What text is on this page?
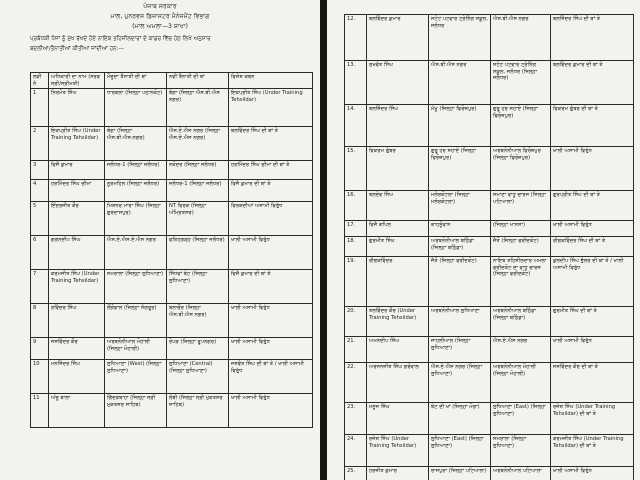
ਪੰਜਾਬ ਸਰਕਾਰ
ਮਾਲ, ਪੁਨਰਵਸ ਡਿਜਾਸਟਰ ਮੈਨੇਜਮੈਂਟ ਵਿਭਾਗ
(ਮਾਲ ਅਮਲਾ—3 ਸ਼ਾਖਾ)
ਪ੍ਰਬੰਧਕੀ ਧੋਜਾਂ ਨੂੰ ਮੁੱਖ ਰੱਖਦੇ ਹੋਏ ਨਾਇਬ ਤਹਿਸੀਲਦਾਰਾਂ ਦੇ ਕਾਡਰ ਵਿੱਚ ਹੇਠ ਲਿਖੇ ਅਨੁਸਾਰ
ਬਦਲੀਆਂ/ਤੈਨਾਤੀਆਂ ਕੀਤੀਆਂ ਜਾਂਦੀਆਂ ਹਨ:—
ਲੜੀ ਨੰ	ਅਧਿਕਾਰੀ ਦਾ ਨਾਮ (ਸਰਵ ਸ੍ਰੀ/ਸ੍ਰੀਮਤੀ)	ਮੌਜੂਦਾ ਤੈਨਾਤੀ ਦੀ ਥਾਂ	ਨਵੀਂ ਤੈਨਾਤੀ ਦੀ ਥਾਂ	ਵਿਸ਼ੇਸ਼ ਕਥਨ
1	ਨਿਰਮੋਤ ਸਿੰਘ	ਧਾਰਕਲਾ (ਜਿਲ੍ਹਾ ਪਠਾਨਕੋਟ)	ਬੰਗਾ (ਜਿਲ੍ਹਾ ਐਸ.ਬੀ.ਐਸ ਨਗਰ)	ਇਕਪ੍ਰੀਤ ਸਿੰਘ (Under Training Tehsildar)
2	ਇਕਪ੍ਰੀਤ ਸਿੰਘ (Under Training Tehsildar)	ਬੰਗਾ (ਜਿਲ੍ਹਾ ਐਸ.ਬੀ.ਐਸ.ਨਗਰ)	ਐਸ.ਏ.ਐਸ ਨਗਰ (ਜਿਲ੍ਹਾ ਐਸ.ਏ.ਐਸ ਨਗਰ)	ਬਲਵਿੰਦਰ ਸਿੰਘ ਦੀ ਥਾਂ ਤੇ
3	ਵਿਜੈ ਕੁਮਾਰ	ਜਲੰਧਰ-1 (ਜਿਲ੍ਹਾ ਜਲੰਧਰ)	ਨਕੋਦਰ (ਜਿਲ੍ਹਾ ਜਲੰਧਰ)	ਹਰਮਿੰਦਰ ਸਿੰਘ ਚੀਮਾ ਦੀ ਥਾਂ ਤੇ
4	ਹਰਮਿੰਦਰ ਸਿੰਘ ਚੀਮਾ	ਨੂਰਮਹਿਲ (ਜਿਲ੍ਹਾ ਜਲੰਧਰ)	ਜਲੰਧਰ-1 (ਜਿਲ੍ਹਾ ਜਲੰਧਰ)	ਵਿਜੈ ਕੁਮਾਰ ਦੀ ਥਾਂ ਤੇ
5	ਇੰਦਰਜੀਤ ਕੌਰ	ਮਿਸ਼ਨਰ ਮਾਰਾ ਸਿੰਘ (ਜਿਲ੍ਹਾ ਗੁਰਦਾਸਪੁਰ)	NT ਵਿਰਕ (ਜਿਲ੍ਹਾ ਅੰਮ੍ਰਿਤਸਰ)	ਵਿਰਕਦੀਆਂ ਅਸਾਮੀ ਵਿਰੁੱਧ
6	ਗਗਨਦੀਪ ਸਿੰਘ	ਐਸ.ਏ.ਐਸ.ਏ.ਐਸ ਨਗਰ	ਫਤਿਹਗੜ੍ਹ (ਜਿਲ੍ਹਾ ਜਲੰਧਰ)	ਖਾਲੀ ਅਸਾਮੀ ਵਿਰੁੱਧ
7	ਕਰਮਜੀਤ ਸਿੰਘ (Under Training Tehsildar)	ਸਮਰਾਲਾ (ਜਿਲ੍ਹਾ ਲੁਧਿਆਣਾ)	ਸਿੱਧਵਾਂ ਬੇਟ (ਜਿਲ੍ਹਾ ਲੁਧਿਆਣਾ)	ਵਿਜੈ ਕੁਮਾਰ ਦੀ ਥਾਂ ਤੇ
8	ਰਵਿੰਦਰ ਸਿੰਘ	ਲੌਂਗੋਵਾਲ (ਜਿਲ੍ਹਾ ਸੰਗਰੂਰ)	ਬਲਾਚੌਰ (ਜਿਲ੍ਹਾ ਐਸ.ਬੀ.ਐਸ ਨਗਰ)	ਖਾਲੀ ਅਸਾਮੀ ਵਿਰੁੱਧ
9	ਜਸਵਿੰਦਰ ਕੌਰ	ਅਰਬਨੋਨੀਆਲ ਮੋਹਾਲੀ (ਜਿਲ੍ਹਾ ਮੋਹਾਲੀ)	ਰੋਪੜ (ਜਿਲ੍ਹਾ ਰੂਪਨਗਰ)	ਖਾਲੀ ਅਸਾਮੀ ਵਿਰੁੱਧ
10	ਮਨਜਿੰਦਰ ਸਿੰਘ	ਲੁਧਿਆਣਾ (West) (ਜਿਲ੍ਹਾ ਲੁਧਿਆਣਾ)	ਲੁਧਿਆਣਾ (Central) (ਜਿਲ੍ਹਾ ਲੁਧਿਆਣਾ)	ਜਸਵੰਤ ਸਿੰਘ ਦੀ ਥਾਂ ਤੇ / ਖਾਲੀ ਅਸਾਮੀ ਵਿਰੁੱਧ
11	ਅੰਜੂ ਬਾਲਾ	ਗਿੱਦੜਬਾਹਾ (ਜਿਲ੍ਹਾ ਸ੍ਰੀ ਮੁਕਤਸਰ ਸਾਹਿਬ)	ਲੰਬੀ (ਜਿਲ੍ਹਾ ਸ੍ਰੀ ਮੁਕਤਸਰ ਸਾਹਿਬ)	ਖਾਲੀ ਅਸਾਮੀ ਵਿਰੁੱਧ
12.	ਬਲਵਿੰਦਰ ਕੁਮਾਰ	ਸਟੇਟ ਪਟਵਾਰ ਟ੍ਰੇਨਿੰਗ ਸਕੂਲ, ਜਲੰਧਰ	ਐਸ.ਬੀ.ਐਸ ਨਗਰ	ਬਲਜਿੰਦਰ ਸਿੰਘ ਦੀ ਥਾਂ ਤੇ
13.	ਸੁਖਵੰਤ ਸਿੰਘ	ਐਸ.ਬੀ.ਐਸ ਨਗਰ	ਸਟੇਟ ਪਟਵਾਰ ਟ੍ਰੇਨਿੰਗ ਸਕੂਲ, ਜਲੰਧਰ (ਜਿਲ੍ਹਾ ਜਲੰਧਰ)	ਬਲਵਿੰਦਰ ਕੁਮਾਰ ਦੀ ਥਾਂ ਤੇ
14.	ਬਲਜਿੰਦਰ ਸਿੰਘ	ਮੱਖੂ (ਜਿਲ੍ਹਾ ਫਿਰੋਜ਼ਪੁਰ)	ਗੁਰੂ ਹਰ ਸਹਾਏ (ਜਿਲ੍ਹਾ ਫਿਰੋਜ਼ਪੁਰ)	ਵਿਕਰਮ ਗੁੰਬਰ ਦੀ ਥਾਂ ਤੇ
15.	ਵਿਕਰਮ ਗੁੰਬਰ	ਗੁਰੂ ਹਰ ਸਹਾਏ (ਜਿਲ੍ਹਾ ਫਿਰੋਜ਼ਪੁਰ)	ਅਰਬਨੋਨੀਆਲ ਫਿਰੋਜ਼ਪੁਰ (ਜਿਲ੍ਹਾ ਫਿਰੋਜ਼ਪੁਰ)	ਖਾਲੀ ਅਸਾਮੀ ਵਿਰੁੱਧ
16.	ਬਲਦੇਵ ਸਿੰਘ	ਮਲੇਰਕੋਟਲਾ (ਜਿਲ੍ਹਾ ਮਲੇਰਕੋਟਲਾ)	ਸਮਾਣਾ ਵਾਧੂ ਚਾਰਜ (ਜਿਲ੍ਹਾ ਪਟਿਆਲਾ)	ਗੁਰਪ੍ਰੀਤ ਸਿੰਘ ਦੀ ਥਾਂ ਤੇ
17.	ਵਿਜੈ ਕਪਿਲ	ਕਾਹਨੂੰਵਾਨ	(ਜਿਲ੍ਹਾ ਮਾਨਸਾ)	ਖਾਲੀ ਅਸਾਮੀ ਵਿਰੁੱਧ
18.	ਗੁਰਮੀਤ ਸਿੰਘ	ਅਰਬਨੋਨੀਆਲ ਬਠਿੰਡਾ (ਜਿਲ੍ਹਾ ਬਠਿੰਡਾ)	ਜੈਤੋ (ਜਿਲ੍ਹਾ ਫਰੀਦਕੋਟ)	ਰੀਗਕਵਿੰਦਰ ਸਿੰਘ ਦੀ ਥਾਂ ਤੇ
19.	ਰੀਗਕਵਿੰਦਰ	ਜੈਤੋ (ਜਿਲ੍ਹਾ ਫਰੀਦਕੋਟ)	ਨਾਇਬ ਤਹਿਸੀਲਦਾਰ ਅਮਲਾ ਫਰੀਦਕੋਟ ਦਾ ਵਾਧੂ ਚਾਰਜ (ਜਿਲ੍ਹਾ ਫਰੀਦਕੋਟ)	ਕੁਲਦੀਪ ਸਿੰਘ ਭੁੱਲਰ ਦੀ ਥਾਂ ਤੇ / ਖਾਲੀ ਅਸਾਮੀ ਵਿਰੁੱਧ
20.	ਤਲਵਿੰਦਰ ਕੌਰ (Under Training Tehsildar)	ਅਰਬਨੋਨੀਆਲ ਲੁਧਿਆਣਾ	ਅਰਬਨੋਨੀਆਲ ਬਠਿੰਡਾ (ਜਿਲ੍ਹਾ ਬਠਿੰਡਾ)	ਗੁਰਮੀਤ ਸਿੰਘ ਦੀ ਥਾਂ ਤੇ
21.	ਅਮਨਦੀਪ ਸਿੰਘ	ਜਾਹਲੀਆਲ (ਜਿਲ੍ਹਾ ਲੁਧਿਆਣਾ)	ਐਸ.ਏ.ਐਸ ਨਗਰ	ਖਾਲੀ ਅਸਾਮੀ ਵਿਰੁੱਧ
22.	ਅਰਜਨਜੀਤ ਸਿੰਘ ਗਰੇਵਾਲ	ਐਸ.ਏ.ਐਸ ਨਗਰ (ਜਿਲ੍ਹਾ ਲੁਧਿਆਣਾ)	ਅਰਬਨੋਨੀਆਲ ਮੋਹਾਲੀ (ਜਿਲ੍ਹਾ ਮੋਹਾਲੀ)	ਜਸਵਿੰਦਰ ਕੌਰ ਦੀ ਥਾਂ ਤੇ
23.	ਮਨੂਜ ਸਿੰਘ	ਬੇਟ ਦੀ ਖਾਂ (ਜਿਲ੍ਹਾ ਮੋਗਾ)	ਲੁਧਿਆਣਾ (East) (ਜਿਲ੍ਹਾ ਲੁਧਿਆਣਾ)	ਰਜੇਸ਼ ਸਿੰਘ (Under Training Tehsildar) ਦੀ ਥਾਂ ਤੇ
24.	ਰਜੇਸ਼ ਸਿੰਘ (Under Training Tehsildar)	ਲੁਧਿਆਣਾ (East) (ਜਿਲ੍ਹਾ ਲੁਧਿਆਣਾ)	ਸਮਰਾਲਾ (ਜਿਲ੍ਹਾ ਲੁਧਿਆਣਾ)	ਕਰਮਜੀਤ ਸਿੰਘ (Under Training Tehsildar) ਦੀ ਥਾਂ ਤੇ
25.	ਹਰਜੀਤ ਕੁਮਾਰ	ਰਾਜਪੁਰਾ (ਜਿਲ੍ਹਾ ਪਟਿਆਲਾ)	ਅਰਬਨੋਨੀਆਲ ਪਟਿਆਲਾ	ਖਾਲੀ ਅਸਾਮੀ ਵਿਰੁੱਧ
